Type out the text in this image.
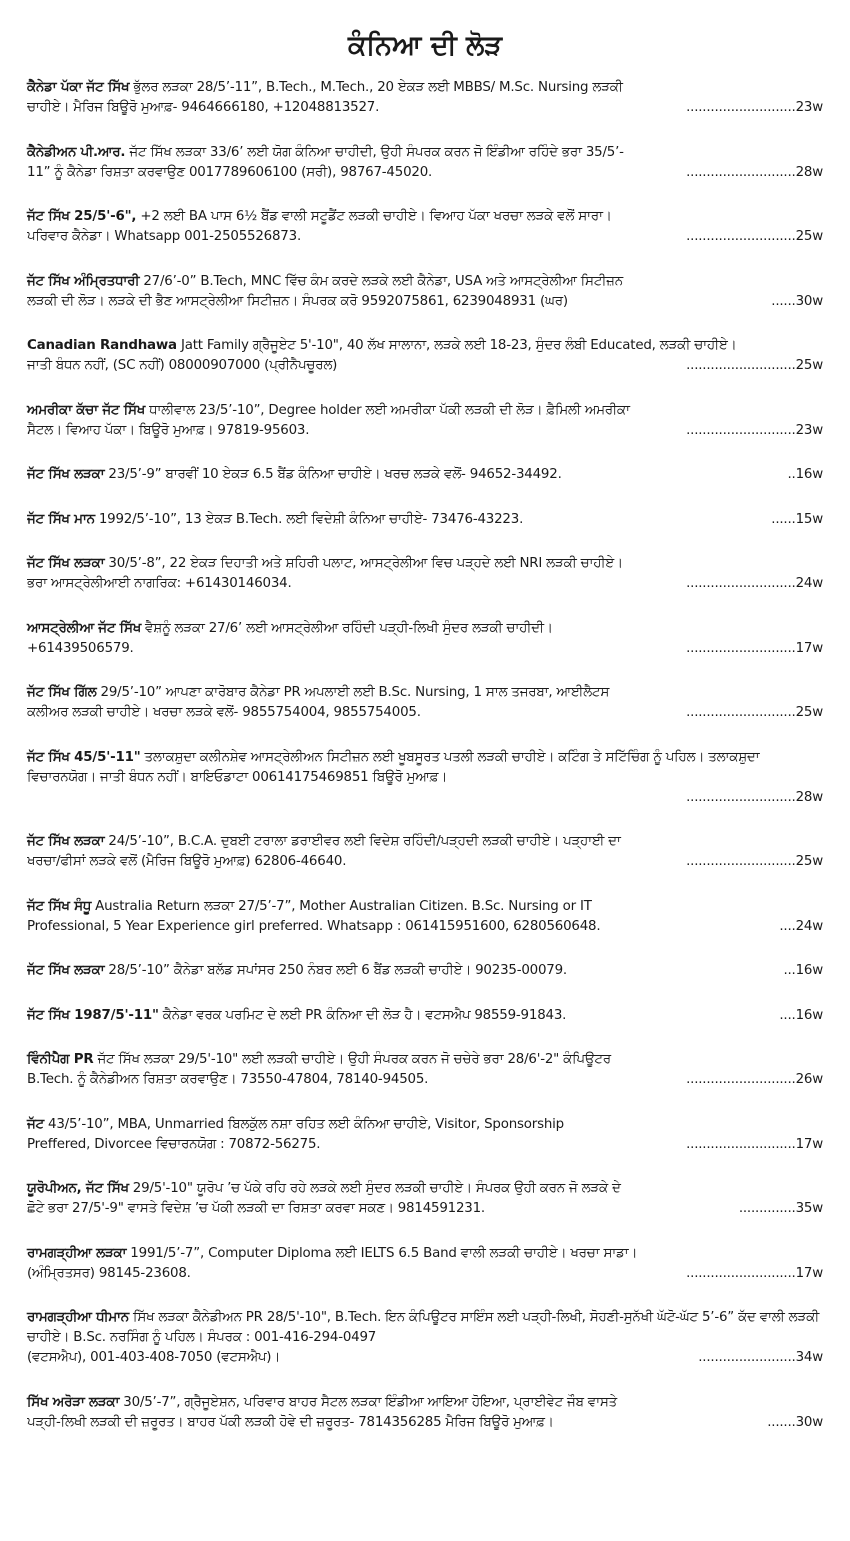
ਕੰਨਿਆ ਦੀ ਲੋੜ
ਕੈਨੇਡਾ ਪੱਕਾ ਜੱਟ ਸਿੱਖ ਭੁੱਲਰ ਲੜਕਾ 28/5’-11”, B.Tech., M.Tech., 20 ਏਕੜ ਲਈ MBBS/ M.Sc. Nursing ਲੜਕੀ
ਚਾਹੀਏ। ਮੈਰਿਜ ਬਿਊਰੋ ਮੁਆਫ਼- 9464666180, +12048813527.	...........................23w
ਕੈਨੇਡੀਅਨ ਪੀ.ਆਰ. ਜੱਟ ਸਿੱਖ ਲੜਕਾ 33/6’ ਲਈ ਯੋਗ ਕੰਨਿਆ ਚਾਹੀਦੀ, ਉਹੀ ਸੰਪਰਕ ਕਰਨ ਜੋ ਇੰਡੀਆ ਰਹਿੰਦੇ ਭਰਾ 35/5’-
11” ਨੂੰ ਕੈਨੇਡਾ ਰਿਸ਼ਤਾ ਕਰਵਾਉਣ 0017789606100 (ਸਰੀ), 98767-45020.	...........................28w
ਜੱਟ ਸਿੱਖ 25/5'-6", +2 ਲਈ BA ਪਾਸ 6½ ਬੈਂਡ ਵਾਲੀ ਸਟੂਡੈਂਟ ਲੜਕੀ ਚਾਹੀਏ। ਵਿਆਹ ਪੱਕਾ ਖਰਚਾ ਲੜਕੇ ਵਲੋਂ ਸਾਰਾ।
ਪਰਿਵਾਰ ਕੈਨੇਡਾ। Whatsapp 001-2505526873.	...........................25w
ਜੱਟ ਸਿੱਖ ਅੰਮ੍ਰਿਤਧਾਰੀ 27/6’-0” B.Tech, MNC ਵਿੱਚ ਕੰਮ ਕਰਦੇ ਲੜਕੇ ਲਈ ਕੈਨੇਡਾ, USA ਅਤੇ ਆਸਟ੍ਰੇਲੀਆ ਸਿਟੀਜ਼ਨ
ਲੜਕੀ ਦੀ ਲੋੜ। ਲੜਕੇ ਦੀ ਭੈਣ ਆਸਟ੍ਰੇਲੀਆ ਸਿਟੀਜ਼ਨ। ਸੰਪਰਕ ਕਰੋ 9592075861, 6239048931 (ਘਰ)	......30w
Canadian Randhawa Jatt Family ਗ੍ਰੈਜੂਏਟ 5'-10", 40 ਲੱਖ ਸਾਲਾਨਾ, ਲੜਕੇ ਲਈ 18-23, ਸੁੰਦਰ ਲੰਬੀ Educated, ਲੜਕੀ ਚਾਹੀਏ।
ਜਾਤੀ ਬੰਧਨ ਨਹੀਂ, (SC ਨਹੀਂ) 08000907000 (ਪ੍ਰੀਨੈਪਚੂਰਲ)	...........................25w
ਅਮਰੀਕਾ ਕੱਚਾ ਜੱਟ ਸਿੱਖ ਧਾਲੀਵਾਲ 23/5’-10”, Degree holder ਲਈ ਅਮਰੀਕਾ ਪੱਕੀ ਲੜਕੀ ਦੀ ਲੋੜ। ਫ਼ੈਮਿਲੀ ਅਮਰੀਕਾ
ਸੈਟਲ। ਵਿਆਹ ਪੱਕਾ। ਬਿਊਰੋ ਮੁਆਫ਼। 97819-95603.	...........................23w
ਜੱਟ ਸਿੱਖ ਲੜਕਾ 23/5’-9” ਬਾਰਵੀਂ 10 ਏਕੜ 6.5 ਬੈਂਡ ਕੰਨਿਆ ਚਾਹੀਏ। ਖਰਚ ਲੜਕੇ ਵਲੋਂ- 94652-34492.	..16w
ਜੱਟ ਸਿੱਖ ਮਾਨ 1992/5’-10”, 13 ਏਕੜ B.Tech. ਲਈ ਵਿਦੇਸ਼ੀ ਕੰਨਿਆ ਚਾਹੀਏ- 73476-43223.	......15w
ਜੱਟ ਸਿੱਖ ਲੜਕਾ 30/5’-8”, 22 ਏਕੜ ਦਿਹਾਤੀ ਅਤੇ ਸ਼ਹਿਰੀ ਪਲਾਟ, ਆਸਟ੍ਰੇਲੀਆ ਵਿਚ ਪੜ੍ਹਦੇ ਲਈ NRI ਲੜਕੀ ਚਾਹੀਏ।
ਭਰਾ ਆਸਟ੍ਰੇਲੀਆਈ ਨਾਗਰਿਕ: +61430146034.	...........................24w
ਆਸਟ੍ਰੇਲੀਆ ਜੱਟ ਸਿੱਖ ਵੈਸ਼ਨੂੰ ਲੜਕਾ 27/6’ ਲਈ ਆਸਟ੍ਰੇਲੀਆ ਰਹਿੰਦੀ ਪੜ੍ਹੀ-ਲਿਖੀ ਸੁੰਦਰ ਲੜਕੀ ਚਾਹੀਦੀ।
+61439506579.	...........................17w
ਜੱਟ ਸਿੱਖ ਗਿੱਲ 29/5’-10” ਆਪਣਾ ਕਾਰੋਬਾਰ ਕੈਨੇਡਾ PR ਅਪਲਾਈ ਲਈ B.Sc. Nursing, 1 ਸਾਲ ਤਜਰਬਾ, ਆਈਲੈਟਸ
ਕਲੀਅਰ ਲੜਕੀ ਚਾਹੀਏ। ਖਰਚਾ ਲੜਕੇ ਵਲੋਂ- 9855754004, 9855754005.	...........................25w
ਜੱਟ ਸਿੱਖ 45/5'-11" ਤਲਾਕਸ਼ੁਦਾ ਕਲੀਨਸ਼ੇਵ ਆਸਟ੍ਰੇਲੀਅਨ ਸਿਟੀਜ਼ਨ ਲਈ ਖੂਬਸੂਰਤ ਪਤਲੀ ਲੜਕੀ ਚਾਹੀਏ। ਕਟਿੰਗ ਤੇ ਸਟਿੱਚਿੰਗ ਨੂੰ ਪਹਿਲ। ਤਲਾਕਸ਼ੁਦਾ ਵਿਚਾਰਨਯੋਗ। ਜਾਤੀ ਬੰਧਨ ਨਹੀਂ। ਬਾਇਓਡਾਟਾ 00614175469851 ਬਿਊਰੋ ਮੁਆਫ਼।
...........................28w
ਜੱਟ ਸਿੱਖ ਲੜਕਾ 24/5’-10”, B.C.A. ਦੁਬਈ ਟਰਾਲਾ ਡਰਾਈਵਰ ਲਈ ਵਿਦੇਸ਼ ਰਹਿੰਦੀ/ਪੜ੍ਹਦੀ ਲੜਕੀ ਚਾਹੀਏ। ਪੜ੍ਹਾਈ ਦਾ
ਖਰਚਾ/ਫੀਸਾਂ ਲੜਕੇ ਵਲੋਂ (ਮੈਰਿਜ ਬਿਊਰੋ ਮੁਆਫ਼) 62806-46640.	...........................25w
ਜੱਟ ਸਿੱਖ ਸੰਧੂ Australia Return ਲੜਕਾ 27/5’-7”, Mother Australian Citizen. B.Sc. Nursing or IT
Professional, 5 Year Experience girl preferred. Whatsapp : 061415951600, 6280560648.	....24w
ਜੱਟ ਸਿੱਖ ਲੜਕਾ 28/5’-10” ਕੈਨੇਡਾ ਬਲੱਡ ਸਪਾਂਸਰ 250 ਨੰਬਰ ਲਈ 6 ਬੈਂਡ ਲੜਕੀ ਚਾਹੀਏ। 90235-00079.	...16w
ਜੱਟ ਸਿੱਖ 1987/5'-11" ਕੈਨੇਡਾ ਵਰਕ ਪਰਮਿਟ ਦੇ ਲਈ PR ਕੰਨਿਆ ਦੀ ਲੋੜ ਹੈ। ਵਟਸਐਪ 98559-91843.	....16w
ਵਿੰਨੀਪੈਗ PR ਜੱਟ ਸਿੱਖ ਲੜਕਾ 29/5'-10" ਲਈ ਲੜਕੀ ਚਾਹੀਏ। ਉਹੀ ਸੰਪਰਕ ਕਰਨ ਜੋ ਚਚੇਰੇ ਭਰਾ 28/6'-2" ਕੰਪਿਊਟਰ
B.Tech. ਨੂੰ ਕੈਨੇਡੀਅਨ ਰਿਸ਼ਤਾ ਕਰਵਾਉਣ। 73550-47804, 78140-94505.	...........................26w
ਜੱਟ 43/5’-10”, MBA, Unmarried ਬਿਲਕੁੱਲ ਨਸ਼ਾ ਰਹਿਤ ਲਈ ਕੰਨਿਆ ਚਾਹੀਏ, Visitor, Sponsorship
Preffered, Divorcee ਵਿਚਾਰਨਯੋਗ : 70872-56275.	...........................17w
ਯੂਰੋਪੀਅਨ, ਜੱਟ ਸਿੱਖ 29/5'-10" ਯੂਰੋਪ ’ਚ ਪੱਕੇ ਰਹਿ ਰਹੇ ਲੜਕੇ ਲਈ ਸੁੰਦਰ ਲੜਕੀ ਚਾਹੀਏ। ਸੰਪਰਕ ਉਹੀ ਕਰਨ ਜੋ ਲੜਕੇ ਦੇ
ਛੋਟੇ ਭਰਾ 27/5'-9" ਵਾਸਤੇ ਵਿਦੇਸ਼ ’ਚ ਪੱਕੀ ਲੜਕੀ ਦਾ ਰਿਸ਼ਤਾ ਕਰਵਾ ਸਕਣ। 9814591231.	..............35w
ਰਾਮਗੜ੍ਹੀਆ ਲੜਕਾ 1991/5’-7”, Computer Diploma ਲਈ IELTS 6.5 Band ਵਾਲੀ ਲੜਕੀ ਚਾਹੀਏ। ਖਰਚਾ ਸਾਡਾ।
(ਅੰਮ੍ਰਿਤਸਰ) 98145-23608.	...........................17w
ਰਾਮਗੜ੍ਹੀਆ ਧੀਮਾਨ ਸਿੱਖ ਲੜਕਾ ਕੈਨੇਡੀਅਨ PR 28/5'-10", B.Tech. ਇਨ ਕੰਪਿਊਟਰ ਸਾਇੰਸ ਲਈ ਪੜ੍ਹੀ-ਲਿਖੀ, ਸੋਹਣੀ-ਸੁਨੱਖੀ ਘੱਟੋ-ਘੱਟ 5’-6” ਕੱਦ ਵਾਲੀ ਲੜਕੀ ਚਾਹੀਏ। B.Sc. ਨਰਸਿੰਗ ਨੂੰ ਪਹਿਲ। ਸੰਪਰਕ : 001-416-294-0497
(ਵਟਸਐਪ), 001-403-408-7050 (ਵਟਸਐਪ)।	........................34w
ਸਿੱਖ ਅਰੋੜਾ ਲੜਕਾ 30/5’-7”, ਗ੍ਰੈਜੂਏਸ਼ਨ, ਪਰਿਵਾਰ ਬਾਹਰ ਸੈਟਲ ਲੜਕਾ ਇੰਡੀਆ ਆਇਆ ਹੋਇਆ, ਪ੍ਰਾਈਵੇਟ ਜੌਬ ਵਾਸਤੇ
ਪੜ੍ਹੀ-ਲਿਖੀ ਲੜਕੀ ਦੀ ਜ਼ਰੂਰਤ। ਬਾਹਰ ਪੱਕੀ ਲੜਕੀ ਹੋਵੇ ਦੀ ਜ਼ਰੂਰਤ- 7814356285 ਮੈਰਿਜ ਬਿਊਰੋ ਮੁਆਫ਼।	.......30w
